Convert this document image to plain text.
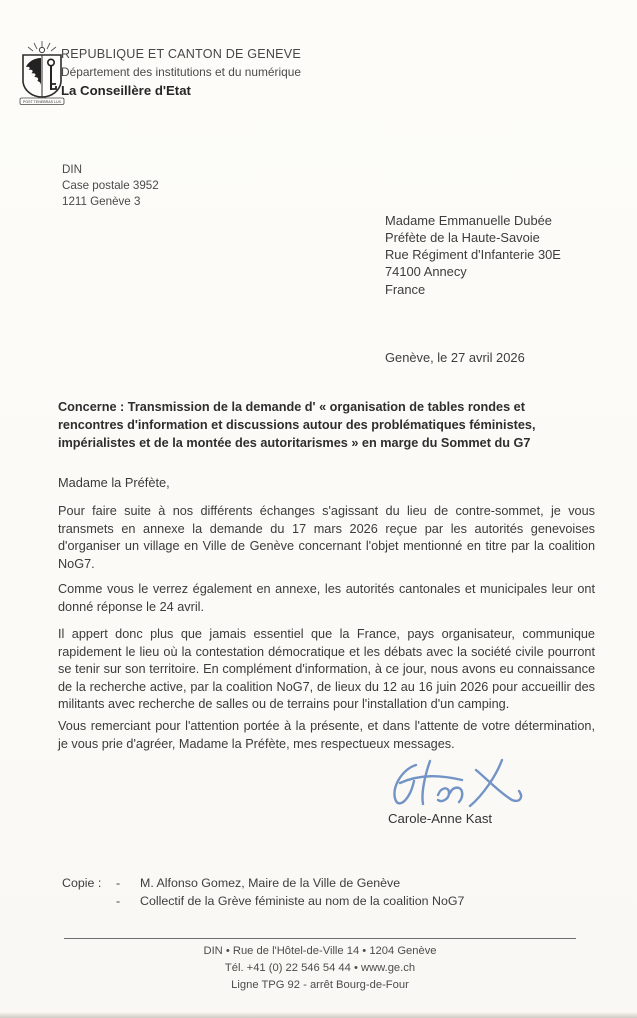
POST TENEBRAS LUX
REPUBLIQUE ET CANTON DE GENEVE
Département des institutions et du numérique
La Conseillère d'Etat
DIN
Case postale 3952
1211 Genève 3
Madame Emmanuelle Dubée
Préfète de la Haute-Savoie
Rue Régiment d'Infanterie 30E
74100 Annecy
France
Genève, le 27 avril 2026
Concerne : Transmission de la demande d' « organisation de tables rondes et rencontres d'information et discussions autour des problématiques féministes, impérialistes et de la montée des autoritarismes » en marge du Sommet du G7
Madame la Préfète,
Pour faire suite à nos différents échanges s'agissant du lieu de contre-sommet, je vous transmets en annexe la demande du 17 mars 2026 reçue par les autorités genevoises d'organiser un village en Ville de Genève concernant l'objet mentionné en titre par la coalition NoG7.
Comme vous le verrez également en annexe, les autorités cantonales et municipales leur ont donné réponse le 24 avril.
Il appert donc plus que jamais essentiel que la France, pays organisateur, communique rapidement le lieu où la contestation démocratique et les débats avec la société civile pourront se tenir sur son territoire. En complément d'information, à ce jour, nous avons eu connaissance de la recherche active, par la coalition NoG7, de lieux du 12 au 16 juin 2026 pour accueillir des militants avec recherche de salles ou de terrains pour l'installation d'un camping.
Vous remerciant pour l'attention portée à la présente, et dans l'attente de votre détermination, je vous prie d'agréer, Madame la Préfète, mes respectueux messages.
Carole-Anne Kast
Copie :	-	M. Alfonso Gomez, Maire de la Ville de Genève
-	Collectif de la Grève féministe au nom de la coalition NoG7
DIN • Rue de l'Hôtel-de-Ville 14 • 1204 Genève
Tél. +41 (0) 22 546 54 44 • www.ge.ch
Ligne TPG 92 - arrêt Bourg-de-Four
